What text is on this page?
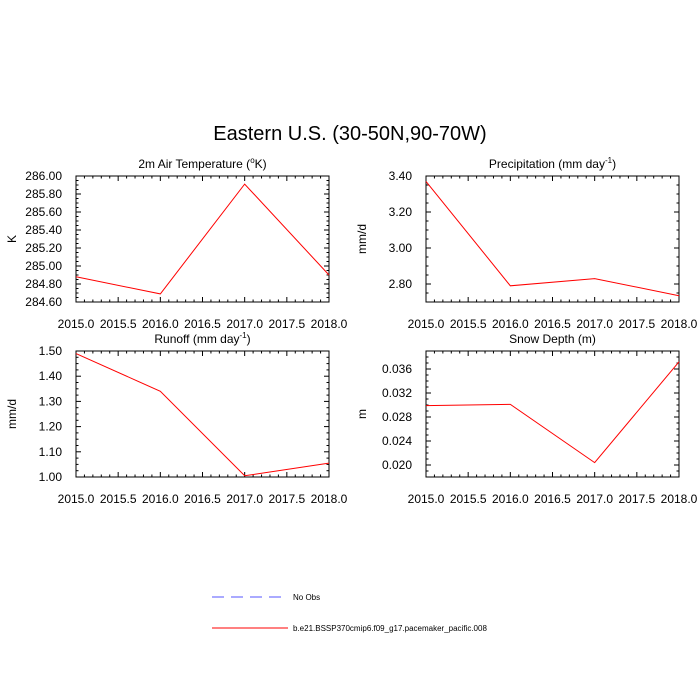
Eastern U.S. (30-50N,90-70W)
2m Air Temperature ($^o$K)
2015.0 2015.5 2016.0 2016.5 2017.0 2017.5 2018.0
284.60
284.80
285.00
285.20
285.40
285.60
285.80
286.00
K
Precipitation (mm day$^{-1}$)
2015.0 2015.5 2016.0 2016.5 2017.0 2017.5 2018.0
2.80
3.00
3.20
3.40
mm/d
Runoff (mm day$^{-1}$)
2015.0 2015.5 2016.0 2016.5 2017.0 2017.5 2018.0
1.00
1.10
1.20
1.30
1.40
1.50
mm/d
Snow Depth (m)
2015.0 2015.5 2016.0 2016.5 2017.0 2017.5 2018.0
0.020
0.024
0.028
0.032
0.036
m
No Obs
b.e21.BSSP370cmip6.f09_g17.pacemaker_pacific.008
